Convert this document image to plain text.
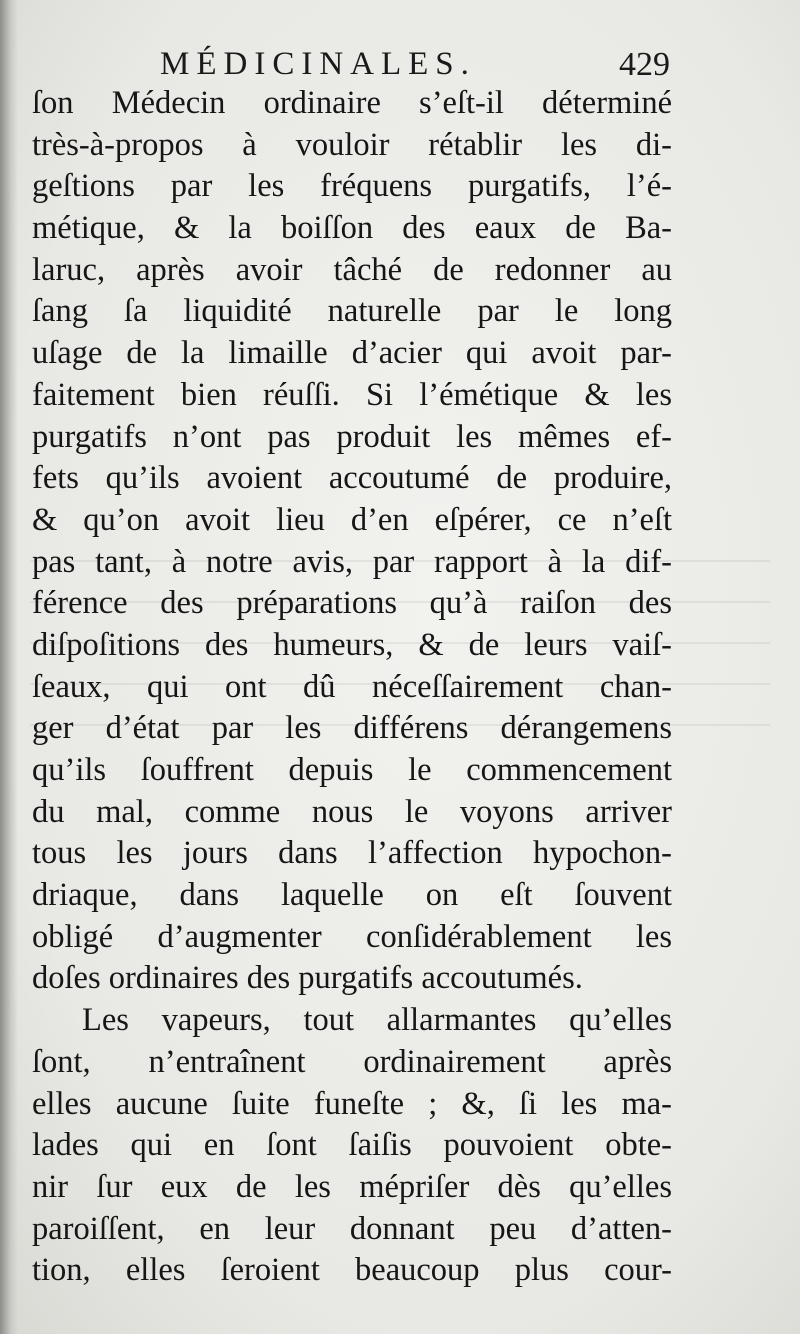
MÉDICINALES.	429
ſon Médecin ordinaire s’eſt-il déterminé
très-à-propos à vouloir rétablir les di-
geſtions par les fréquens purgatifs, l’é-
métique, & la boiſſon des eaux de Ba-
laruc, après avoir tâché de redonner au
ſang ſa liquidité naturelle par le long
uſage de la limaille d’acier qui avoit par-
faitement bien réuſſi. Si l’émétique & les
purgatifs n’ont pas produit les mêmes ef-
fets qu’ils avoient accoutumé de produire,
& qu’on avoit lieu d’en eſpérer, ce n’eſt
pas tant, à notre avis, par rapport à la dif-
férence des préparations qu’à raiſon des
diſpoſitions des humeurs, & de leurs vaiſ-
ſeaux, qui ont dû néceſſairement chan-
ger d’état par les différens dérangemens
qu’ils ſouffrent depuis le commencement
du mal, comme nous le voyons arriver
tous les jours dans l’affection hypochon-
driaque, dans laquelle on eſt ſouvent
obligé d’augmenter conſidérablement les
doſes ordinaires des purgatifs accoutumés.
Les vapeurs, tout allarmantes qu’elles
ſont, n’entraînent ordinairement après
elles aucune ſuite funeſte ; &, ſi les ma-
lades qui en ſont ſaiſis pouvoient obte-
nir ſur eux de les mépriſer dès qu’elles
paroiſſent, en leur donnant peu d’atten-
tion, elles ſeroient beaucoup plus cour-
